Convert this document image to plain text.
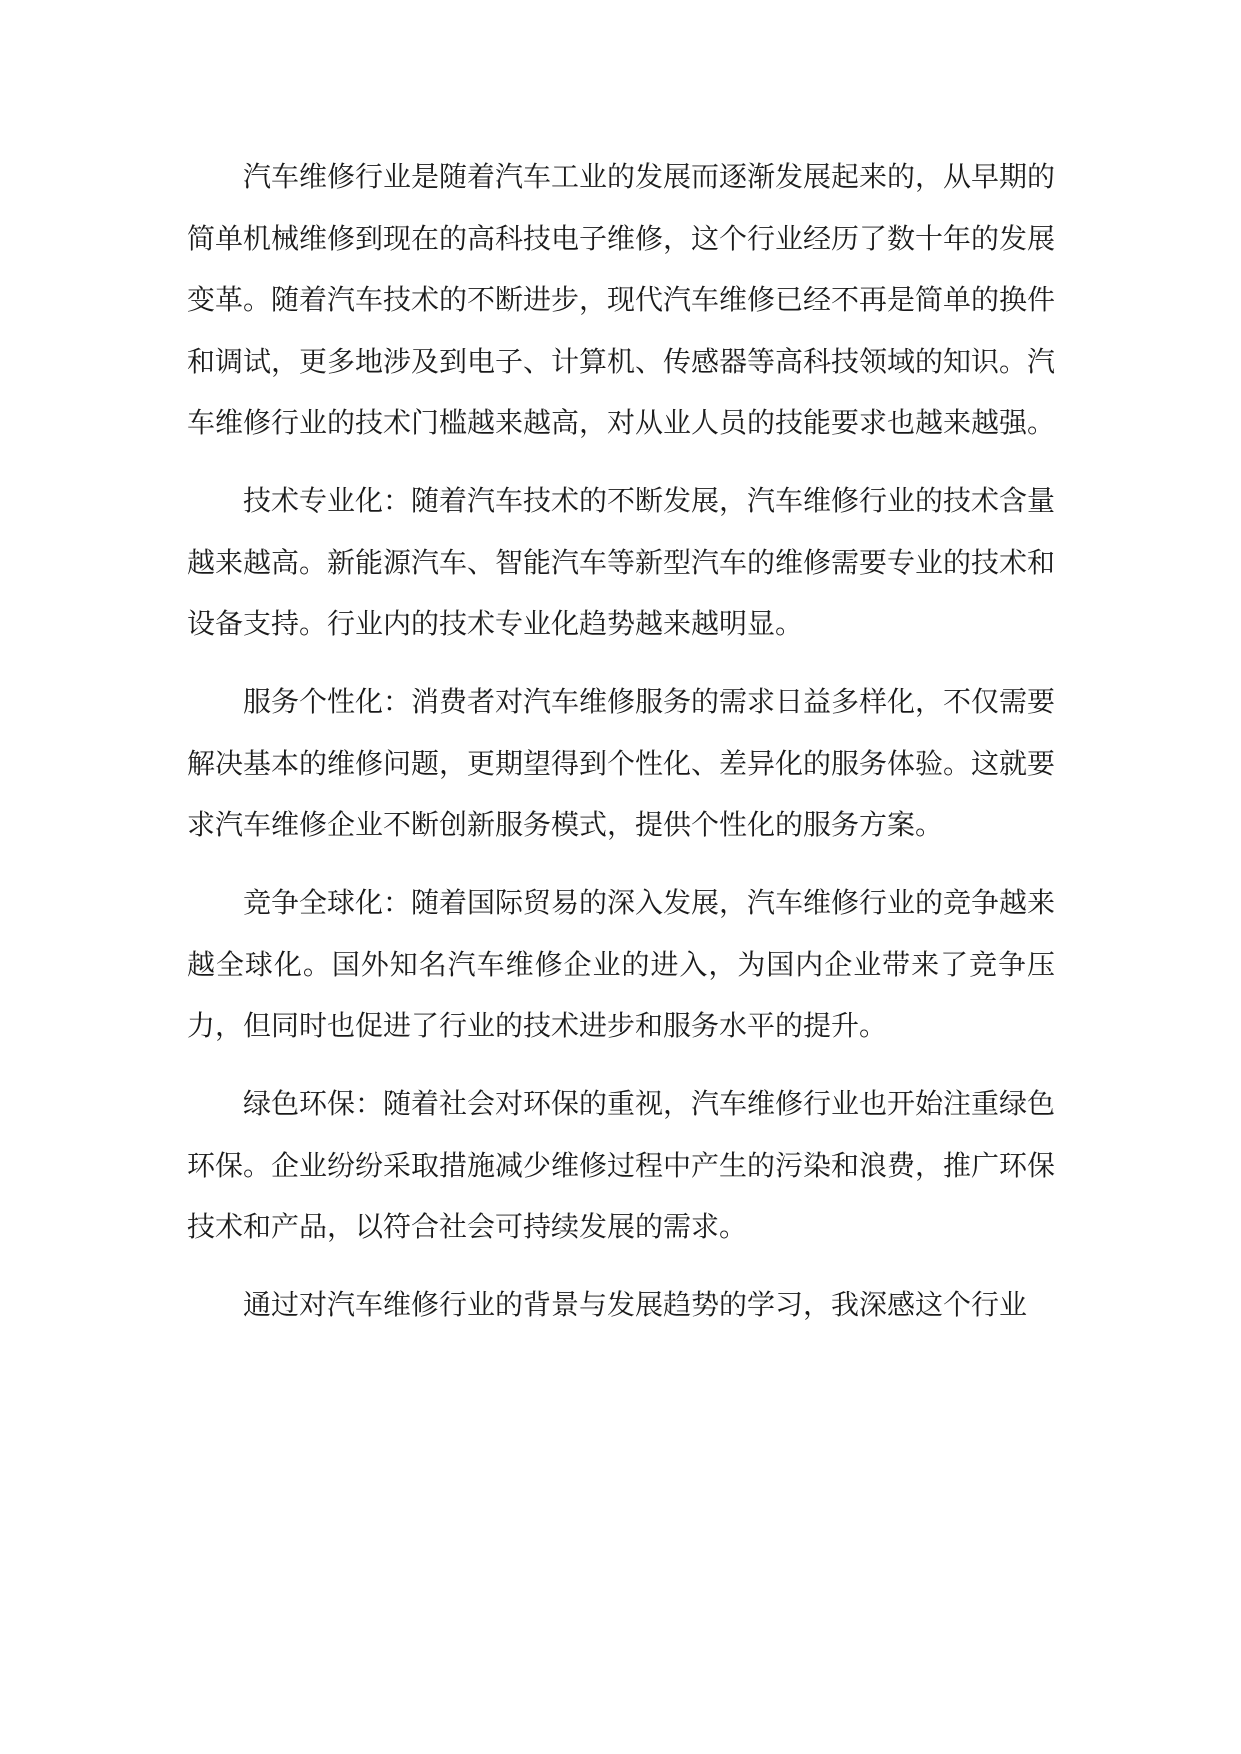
汽车维修行业是随着汽车工业的发展而逐渐发展起来的，从早期的简单机械维修到现在的高科技电子维修，这个行业经历了数十年的发展变革。随着汽车技术的不断进步，现代汽车维修已经不再是简单的换件和调试，更多地涉及到电子、计算机、传感器等高科技领域的知识。汽车维修行业的技术门槛越来越高，对从业人员的技能要求也越来越强。

技术专业化：随着汽车技术的不断发展，汽车维修行业的技术含量越来越高。新能源汽车、智能汽车等新型汽车的维修需要专业的技术和设备支持。行业内的技术专业化趋势越来越明显。

服务个性化：消费者对汽车维修服务的需求日益多样化，不仅需要解决基本的维修问题，更期望得到个性化、差异化的服务体验。这就要求汽车维修企业不断创新服务模式，提供个性化的服务方案。

竞争全球化：随着国际贸易的深入发展，汽车维修行业的竞争越来越全球化。国外知名汽车维修企业的进入，为国内企业带来了竞争压力，但同时也促进了行业的技术进步和服务水平的提升。

绿色环保：随着社会对环保的重视，汽车维修行业也开始注重绿色环保。企业纷纷采取措施减少维修过程中产生的污染和浪费，推广环保技术和产品，以符合社会可持续发展的需求。

通过对汽车维修行业的背景与发展趋势的学习，我深感这个行业
